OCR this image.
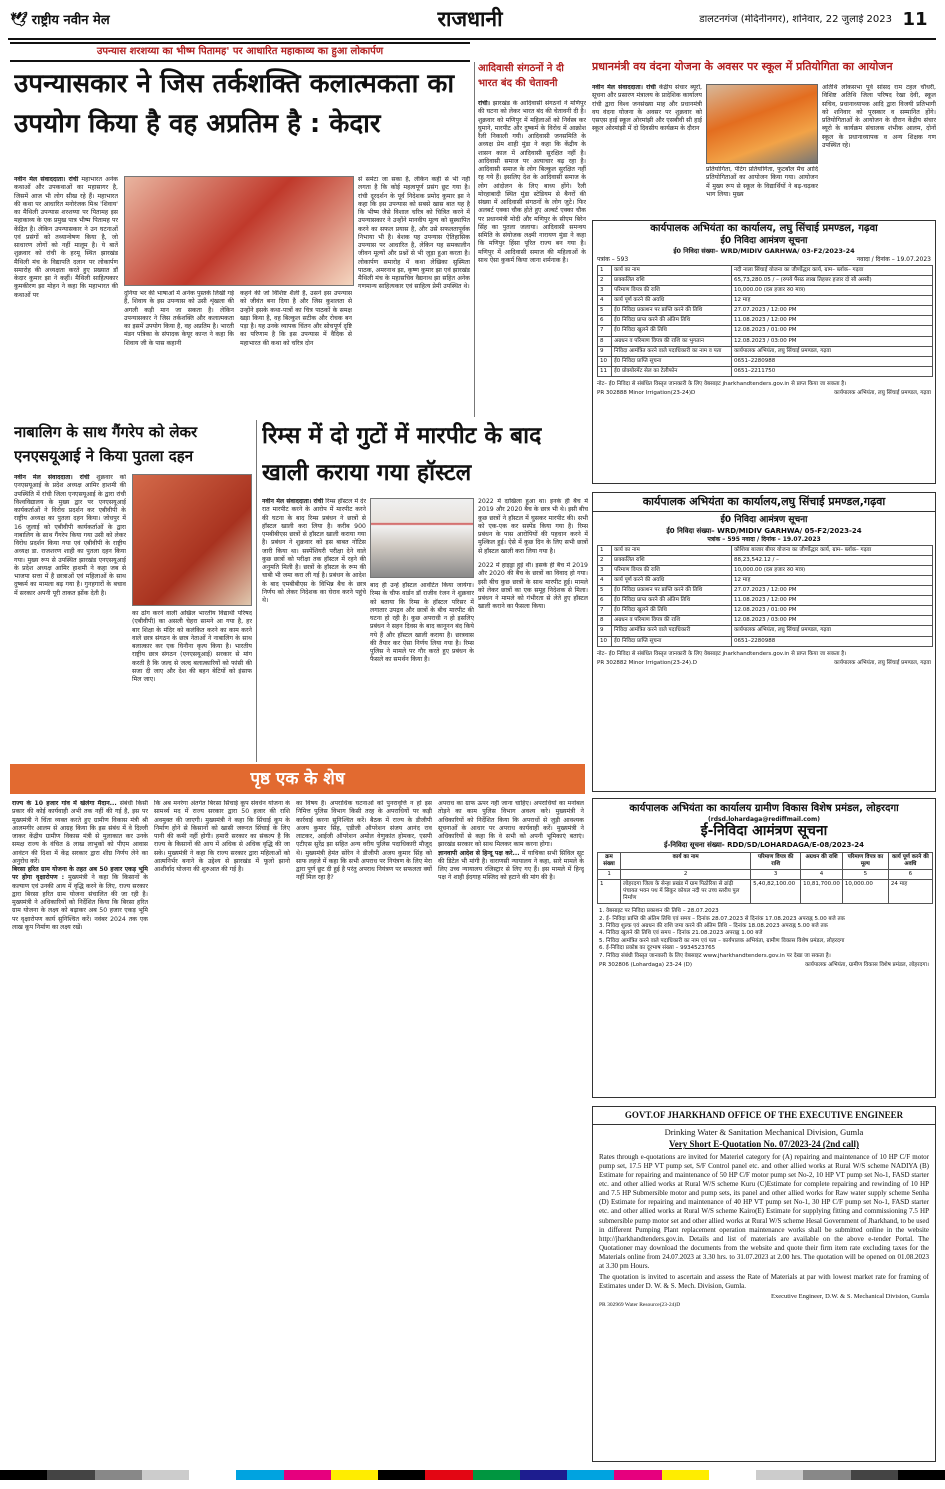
🕊 राष्ट्रीय नवीन मेल	राजधानी	डालटनगंज (मेदिनीनगर), शनिवार, 22 जुलाई 2023 11
उपन्यास शरशय्या का भीष्म पितामह' पर आधारित महाकाव्य का हुआ लोकार्पण
उपन्यासकार ने जिस तर्कशक्ति कलात्मकता का उपयोग किया है वह अप्रतिम है : केदार
नवीन मेल संवाददाता। रांची महाभारत अनेक कथाओं और उपकथाओं का महासागर है, जिसमें आज भी लोग सीख रहे हैं। महाभारत की कथा पर आधारित मनोरंजक मिश्र 'शिवाय' का मैथिली उपन्यास शरशय्या पर पितामह इस महाकाव्य के एक प्रमुख पात्र भीष्म पितामह पर केंद्रित है। लेकिन उपन्यासकार ने उन घटनाओं एवं प्रसंगों को तथ्यान्वेषण किया है, जो साधारण लोगों को नहीं मालूम है। ये बातें शुक्रवार को रांची के हरमू स्थित झारखंड मैथिली मंच के विद्यापति दलान पर लोकार्पण समारोह की अध्यक्षता करते हुए प्रख्यात डॉ केदार कुमार झा ने कहीं। मैथिली साहित्यकार कुमकीरण झा मोहन ने कहा कि महाभारत की कथाओं पर	दुनिया भर की भाषाओं में अनेक पुस्तकें लिखी गई हैं, शिवाय के इस उपन्यास को उसी शृंखला की अगली कड़ी मान जा सकता है। लेकिन उपन्यासकार ने जिस तर्कशक्ति और कलात्मकता का इसमें उपयोग किया है, वह अप्रतिम है। भारती मंडन पत्रिका के संपादक केयूर कान्त ने कहा कि शिवाय जी के पास कहानी
कहने की जो विशिष्ट शैली है, उसने इस उपन्यास को जीवंत बना दिया है और जिस कुशलता से उन्होंने इसके कथा-पात्रों का चित्र पाठकों के समक्ष खड़ा किया है, वह बिल्कुल सटीक और रोचक बन पड़ा है। यह उनके व्यापक चिंतन और सोचपूर्ण दृष्टि का परिणाम है कि इस उपन्यास में वैदिक से महाभारत की कथा को चरित्र दोन
से समेटा जा सका है, लेकिन कहीं से भी नहीं लगता है कि कोई महत्वपूर्ण प्रसंग छूट गया है। रांची दूरदर्शन के पूर्व निदेशक प्रमोद कुमार झा ने कहा कि इस उपन्यास को सबसे खास बात यह है कि भीष्म जैसे विशाल चरित्र को चित्रित करने में उपन्यासकार ने उन्होंने मानवीय मूल्य को सुस्थापित करने का सफल प्रयास है, और उसे सफलतापूर्वक निभाया भी है। बेशक यह उपन्यास ऐतिहासिक उपन्यास पर आधारित है, लेकिन यह समकालीन जीवन मूल्यों और प्रश्नों से भी जुड़ा हुआ करता है। लोकार्पण समारोह में कथा लेखिका सुस्मिता पाठक, अमरनाथ झा, कृष्ण कुमार झा एवं झारखंड मैथिली मंच के महासचिव वैद्यनाथ झा सहित अनेक गणमान्य साहित्यकार एवं साहित्य प्रेमी उपस्थित थे।
आदिवासी संगठनों ने दी भारत बंद की चेतावनी
रांची। झारखंड के आदिवासी संगठनों ने मणिपुर की घटना को लेकर भारत बंद की चेतावनी दी है। शुक्रवार को मणिपुर में महिलाओं को निर्वस्त्र कर घुमाने, मारपीट और दुष्कर्म के विरोध में आक्रोश रैली निकाली गयी। आदिवासी जनसमिति के अध्यक्ष प्रेम शाही मुंडा ने कहा कि केंद्रीय के शासन काल में आदिवासी सुरक्षित नहीं है। आदिवासी समाज पर अत्याचार बढ़ रहा है। आदिवासी समाज के लोग बिल्कुल सुरक्षित नहीं रह गये हैं। इसलिए देश के आदिवासी समाज के लोग आंदोलन के लिए बाध्य होंगे। रैली मोरहाबादी स्थित मुंडा स्टेडियम से बैनरों की संख्या में आदिवासी संगठनों के लोग जुटे। फिर अलबर्ट एक्का चौक होते हुए अल्बर्ट एक्का चौक पर प्रधानमंत्री मोदी और मणिपुर के सीएम बिरेन सिंह का पुतला जलाया। आदिवासी समन्वय समिति के संयोजक लक्ष्मी नारायण मुंडा ने कहा कि मणिपुर हिंसा पूरित राज्य बन गया है। मणिपुर में आदिवासी समाज की महिलाओं के साथ ऐसा कुकर्म किया जाना शर्मनाक है।
प्रधानमंत्री वय वंदना योजना के अवसर पर स्कूल में प्रतियोगिता का आयोजन
नवीन मेल संवाददाता। रांची केंद्रीय संचार ब्यूरो, सूचना और प्रसारण मंत्रालय के प्रादेशिक कार्यालय रांची द्वारा विश्व जनसंख्या माह और प्रधानमंत्री वय वंदना योजना के अवसर पर शुक्रवार को एसएस हाई स्कूल ओरमांझी और एसबीवी सी हाई स्कूल ओरमांझी में दो दिवसीय कार्यक्रम के दौरान
प्रतियोगिता, पेंटिंग प्रतियोगिता, फुटबॉल मैच आदि प्रतियोगिताओं का आयोजन किया गया। आयोजन में मुख्य रूप से स्कूल के विद्यार्थियों ने बढ़-चढ़कर भाग लिया। मुख्य
अतिथि लोकसभा पूर्व सांसद राम टहल चौधरी, विशिष्ट अतिथि जिला परिषद रेखा देवी, स्कूल सचिव, प्रधानाध्यापक आदि द्वारा विजयी प्रतिभागी को शनिवार को पुरस्कार व सम्मानित होंगे। प्रतियोगिताओं के आयोजन के दौरान केंद्रीय संचार ब्यूरो के कार्यक्रम संचालक शंभीक आलम, दोनों स्कूल के प्रधानाध्यापक व अन्य शिक्षक गण उपस्थित रहे।
कार्यपालक अभियंता का कार्यालय, लघु सिंचाई प्रमण्डल, गढ़वा
ई0 निविदा आमंत्रण सूचना
ई0 निविदा संख्या– WRD/MIDIV GARHWA/ 03-F2/2023-24
पत्रांक – 593	नवादा / दिनांक – 19.07.2023
1	कार्य का नाम	नदी नाला सिंचाई योजना का जीर्णोद्धार कार्य, ग्राम– ब्लॉक– गढ़वा
2	प्राक्कलित राशि	65,73,280.05 / – (रुपये पैंसठ लाख तिहत्तर हजार दो सौ अस्सी)
3	परिमाण विपत्र की राशि	10,000.00 (दस हजार रु0 मात्र)
4	कार्य पूर्ण करने की अवधि	12 माह
5	ई0 निविदा प्रकाशन पर प्राप्ति करने की तिथि	27.07.2023 / 12:00 PM
6	ई0 निविदा प्राप्त करने की अंतिम तिथि	11.08.2023 / 12:00 PM
7	ई0 निविदा खुलने की तिथि	12.08.2023 / 01:00 PM
8	अग्रधन व परिमाण विपत्र की राशि का भुगतान	12.08.2023 / 03:00 PM
9	निविदा आमंत्रित करने वाले पदाधिकारी का नाम व पता	कार्यपालक अभियंता, लघु सिंचाई प्रमण्डल, गढ़वा
10	ई0 निविदा प्राप्ति सूचना	0651–2280988
11	ई0 प्रोक्योरमेंट सेल का टेलीफोन	0651–2211750
नोट– ई0 निविदा से संबंधित विस्तृत जानकारी के लिए वेबसाइट jharkhandtenders.gov.in से प्राप्त किया जा सकता है।
PR 302888 Minor Irrigation(23-24)D	कार्यपालक अभियंता, लघु सिंचाई प्रमण्डल, गढ़वा
नाबालिग के साथ गैंगरेप को लेकर एनएसयूआई ने किया पुतला दहन
नवीन मेल संवाददाता। रांची शुक्रवार को एनएसयूआई के प्रदेश अध्यक्ष आमिर हाशमी की उपस्थिति में रांची जिला एनएसयूआई के द्वारा रांची विश्वविद्यालय के मुख्य द्वार पर एनएसयूआई कार्यकर्ताओं ने विरोध प्रदर्शन कर एबीवीपी के राष्ट्रीय अध्यक्ष का पुतला दहन किया। जोधपुर में 16 जुलाई को एबीवीपी कार्यकर्ताओं के द्वारा नाबालिग के साथ गैंगरेप किया गया उसी को लेकर विरोध प्रदर्शन किया गया एवं एबीवीपी के राष्ट्रीय अध्यक्ष डा. राजशरण शाही का पुतला दहन किया गया। मुख्य रूप से उपस्थित झारखंड एनएसयूआई के प्रदेश अध्यक्ष आमिर हाशमी ने कहा जब से भाजपा सत्ता में है छात्राओं एवं महिलाओं के साथ दुष्कर्म का मामला बढ़ गया है। गुनहगारों के बचाव में सरकार अपनी पूरी ताकत झोंक देती है।
का ढोंग करने वाली अखिल भारतीय विद्यार्थी परिषद (एबीवीपी) का असली चेहरा सामने आ गया है, हर बार शिक्षा के मंदिर को कलंकित करने का काम करने वाले छात्र संगठन के छात्र नेताओं ने नाबालिग के साथ बलात्कार कर एक घिनौना कृत्य किया है। भारतीय राष्ट्रीय छात्र संगठन (एनएसयूआई) सरकार से मांग करती है कि जल्द से जल्द बलात्कारियों को फांसी की सजा दी जाए और देश की बहन बेटियों को इंसाफ मिल जाए।
रिम्स में दो गुटों में मारपीट के बाद खाली कराया गया हॉस्टल
नवीन मेल संवाददाता। रांची रिम्स हॉस्टल में देर रात मारपीट करने के आरोप में मारपीट करने की घटना के बाद रिम्स प्रबंधन ने छात्रों से हॉस्टल खाली करा लिया है। करीब 900 एमबीबीएस छात्रों से हॉस्टल खाली कराया गया है। प्रबंधन ने शुक्रवार को इस बाबत नोटिस जारी किया था। सस्पेंशियरी परीक्षा देने वाले कुछ छात्रों को परीक्षा तक हॉस्टल में रहने की अनुमति मिली है। छात्रों के हॉस्टल के रूम की चाबी भी जमा करा ली गई है। प्रबंधन के आदेश के बाद एमबीबीएस के विभिन्न बैच के छात्र निर्णय को लेकर निदेशक का घेराव करने पहुंचे थे।
2022 में दाखिला हुआ था। इनके ही बैच में 2019 और 2020 बैच के छात्र भी थे। इसी बीच कुछ छात्रों ने हॉस्टल में घुसकर मारपीट की। सभी को एक-एक कर सस्पेंड किया गया है। रिम्स प्रबंधन के पास आरोपियों की पहचान करने में मुश्किल हुई। ऐसे में कुछ दिन के लिए सभी छात्रों से हॉस्टल खाली करा लिया गया है।
बाद ही उन्हें हॉस्टल आवंटित किया जायेगा। रिम्स के चीफ वार्डन डॉ राजीव रंजन ने शुक्रवार को बताया कि रिम्स के हॉस्टल परिसर में लगातार उपद्रव और छात्रों के बीच मारपीट की घटना हो रही है। कुछ अपराधी न हो इसलिए प्रबंधन ने सहन दिवस के बाद कानूनन बंद किये गये हैं और हॉस्टल खाली कराया है। छात्रवास की तैयार कर ऐसा निर्णय लिया गया है। रिम्स पुलिस ने मामले पर गौर करते हुए प्रबंधन के फैसले का समर्थन किया है।
2022 में हाइड्रा हुई थी। इसके ही बैच में 2019 और 2020 की बैच के छात्रों का विवाद हो गया। इसी बीच कुछ छात्रों के साथ मारपीट हुई। मामले को लेकर छात्रों का एक समूह निदेशक से मिला। प्रबंधन ने मामले को गंभीरता से लेते हुए हॉस्टल खाली कराने का फैसला किया।
कार्यपालक अभियंता का कार्यालय,लघु सिंचाई प्रमण्डल,गढ़वा
ई0 निविदा आमंत्रण सूचना
ई0 निविदा संख्या– WRD/MIDIV GARHWA/ 05-F2/2023-24
पत्रांक – 595 नवादा / दिनांक – 19.07.2023
1	कार्य का नाम	कौशिया बाजार बीयर योजना का जीर्णोद्धार कार्य, ग्राम– ब्लॉक– गढ़वा
2	प्राक्कलित राशि	88,23,542.12 / –
3	परिमाण विपत्र की राशि	10,000.00 (दस हजार रु0 मात्र)
4	कार्य पूर्ण करने की अवधि	12 माह
5	ई0 निविदा प्रकाशन पर प्राप्ति करने की तिथि	27.07.2023 / 12:00 PM
6	ई0 निविदा प्राप्त करने की अंतिम तिथि	11.08.2023 / 12:00 PM
7	ई0 निविदा खुलने की तिथि	12.08.2023 / 01:00 PM
8	अग्रधन व परिमाण विपत्र की राशि	12.08.2023 / 03:00 PM
9	निविदा आमंत्रित करने वाले पदाधिकारी	कार्यपालक अभियंता, लघु सिंचाई प्रमण्डल, गढ़वा
10	ई0 निविदा प्राप्ति सूचना	0651–2280988
नोट– ई0 निविदा से संबंधित विस्तृत जानकारी के लिए वेबसाइट jharkhandtenders.gov.in से प्राप्त किया जा सकता है।
PR 302882 Minor Irrigation(23-24).D	कार्यपालक अभियंता, लघु सिंचाई प्रमण्डल, गढ़वा
पृष्ठ एक के शेष
राज्य के 10 हजार गांव में खेलेगा मैदान... संबंधी किसी प्रकार की कोई कार्यवाही अभी तक नहीं की गई है, इस पर मुख्यमंत्री ने चिंता व्यक्त करते हुए ग्रामीण विकास मंत्री श्री आलमगीर आलम से आग्रह किया कि इस संबंध में वे दिल्ली जाकर केंद्रीय ग्रामीण विकास मंत्री से मुलाकात कर उनके समक्ष राज्य के वंचित 8 लाख लाभुकों को पीएम आवास आवंटन की दिशा में केंद्र सरकार द्वारा शीघ्र निर्णय लेने का अनुरोध करें।
बिरसा हरित ग्राम योजना के तहत अब 50 हजार एकड़ भूमि पर होगा वृक्षारोपण : मुख्यमंत्री ने कहा कि किसानों के कल्याण एवं उनकी आय में वृद्धि करने के लिए, राज्य सरकार द्वारा बिरसा हरित ग्राम योजना संचालित की जा रही है। मुख्यमंत्री ने अधिकारियों को निर्देशित किया कि बिरसा हरित ग्राम योजना के लक्ष्य को बढ़ाकर अब 50 हजार एकड़ भूमि पर वृक्षारोपण कार्य सुनिश्चित करें। नवंबर 2024 तक एक लाख कूप निर्माण का लक्ष्य रखें।
कि अब मनरेगा अंतर्गत बिरसा सिंचाई कूप संवर्धन योजना के सामर्थ्य मद में राज्य सरकार द्वारा 50 हजार की राशि अवमुक्त की जाएगी। मुख्यमंत्री ने कहा कि सिंचाई कूप के निर्माण होने से किसानों को खासी जरूरत सिंचाई के लिए पानी की कमी नहीं होगी। हमारी सरकार का संकल्प है कि राज्य के किसानों की आय में अधिक से अधिक वृद्धि की जा सके। मुख्यमंत्री ने कहा कि राज्य सरकार द्वारा महिलाओं को आत्मनिर्भर बनाने के उद्देश्य से झारखंड में फूलो झानो आशीर्वाद योजना की शुरुआत की गई है।
का विषय है। अपराधिक घटनाओं को पुनरावृत्ति न हो इस निमित्त पुलिस विभाग किसी तरह के अपराधियों पर कड़ी कार्रवाई करना सुनिश्चित करें। बैठक में राज्य के डीजीपी अजय कुमार सिंह, एडीजी ऑपरेशन संजय आनंद राव लाटकर, आईजी ऑपरेशन अमोल वेणुकांत होमकर, एसपी एटीएस सुरेंद्र झा सहित अन्य वरीय पुलिस पदाधिकारी मौजूद थे। मुख्यमंत्री हेमंत सोरेन ने डीजीपी अजय कुमार सिंह को साफ लहजे में कहा कि सभी अपराध पर नियंत्रण के लिए मेरा द्वारा पूर्ण छूट दी हुई है परंतु अपराध नियंत्रण पर सफलता क्यों नहीं मिल रहा है?
अपराध का ग्राफ ऊपर नहीं जाना चाहिए। अपराधियों का मनोबल तोड़ने का काम पुलिस विभाग अवश्य करे। मुख्यमंत्री ने अधिकारियों को निर्देशित किया कि अपराधों से जुड़ी आवश्यक सूचनाओं के आधार पर अपराध कार्यवाही करें। मुख्यमंत्री ने अधिकारियों से कहा कि वे सभी को अपनी भूमिकाएं बताएं। झारखंड सरकार को साथ मिलकर काम करना होगा।
ज्ञानवापी आदेश से हिन्दू पक्ष करे... में याचिका सभी सिविल सूट की डिटेल भी मांगी है। वाराणसी न्यायालय ने कहा, सारे मामले के लिए उच्च न्यायालय रजिस्ट्रार से लिए गए हैं। इस मामले में हिन्दू पक्ष ने शाही ईदगाह मस्जिद को हटाने की मांग की है।
कार्यपालक अभियंता का कार्यालय ग्रामीण विकास विशेष प्रमंडल, लोहरदगा
(rdsd.lohardaga@rediffmail.com)
ई-निविदा आमंत्रण सूचना
ई-निविदा सूचना संख्या- RDD/SD/LOHARDAGA/E-08/2023-24
क्रम संख्या	कार्य का नाम	परिमाण विपत्र की राशि	अग्रधन की राशि	परिमाण विपत्र का मूल्य	कार्य पूर्ण करने की अवधि
1	2	3	4	5	6
1	लोहरदगा जिला के सेन्हा प्रखंड में ग्राम पिठोरिया से ढांढ़ी पंचायत भवन पथ में सिकुर कोयल नदी पर उच्च स्तरीय पुल निर्माण	5,40,82,100.00	10,81,700.00	10,000.00	24 माह
1. वेबसाइट पर निविदा प्रकाशन की तिथि – 28.07.2023
2. ई- निविदा प्राप्ति की अंतिम तिथि एवं समय – दिनांक 28.07.2023 से दिनांक 17.08.2023 अपराह्न 5.00 बजे तक
3. निविदा शुल्क एवं अग्रधन की राशि जमा करने की अंतिम तिथि – दिनांक 18.08.2023 अपराह्न 5.00 बजे तक
4. निविदा खुलने की तिथि एवं समय – दिनांक 21.08.2023 अपराह्न 1.00 बजे
5. निविदा आमंत्रित करने वाले पदाधिकारी का नाम एवं पता – कार्यपालक अभियंता, ग्रामीण विकास विशेष प्रमंडल, लोहरदगा
6. ई-निविदा प्रकोष्ठ का दूरभाष संख्या – 9934523765
7. निविदा संबंधी विस्तृत जानकारी के लिए वेबसाइट www.jharkhandtenders.gov.in पर देखा जा सकता है।
PR 302806 (Lohardaga) 23-24 (D)	कार्यपालक अभियंता, ग्रामीण विकास विशेष प्रमंडल, लोहरदगा।
GOVT.OF JHARKHAND OFFICE OF THE EXECUTIVE ENGINEER
Drinking Water & Sanitation Mechanical Division, Gumla
Very Short E-Quotation No. 07/2023-24 (2nd call)
Rates through e-quotations are invited for Materiel category for (A) repairing and maintenance of 10 HP C/F motor pump set, 17.5 HP VT pump set, S/F Control panel etc. and other allied works at Rural W/S scheme NADIYA (B) Estimate for repairing and maintenance of 50 HP C/F motor pump set No-2, 10 HP VT pump set No-1, FASD starter etc. and other allied works at Rural W/S scheme Kuru (C)Estimate for complete repairing and rewinding of 10 HP and 7.5 HP Submersible motor and pump sets, its panel and other allied works for Raw water supply scheme Senha (D) Estimate for repairing and maintenance of 40 HP VT pump set No-1, 30 HP C/F pump set No-1, FASD starter etc. and other allied works at Rural W/S scheme Kairo(E) Estimate for supplying fitting and commissioning 7.5 HP submersible pump motor set and other allied works at Rural W/S scheme Hesal Government of Jharkhand, to be used in different Pumping Plant replacement operation maintenance works shall be submitted online in the website http://jharkhandtenders.gov.in. Details and list of materials are available on the above e-tender Portal. The Quotationer may download the documents from the website and quote their firm item rate excluding taxes for the Materials online from 24.07.2023 at 3.30 hrs. to 31.07.2023 at 2.00 hrs. The quotation will be opened on 01.08.2023 at 3.30 pm Hours.
The quotation is invited to ascertain and assess the Rate of Materials at par with lowest market rate for framing of Estimates under D. W. & S. Mech. Division, Gumla.
Executive Engineer, D.W. & S. Mechanical Division, Gumla
PR 302969 Water Resource(23-24)D
